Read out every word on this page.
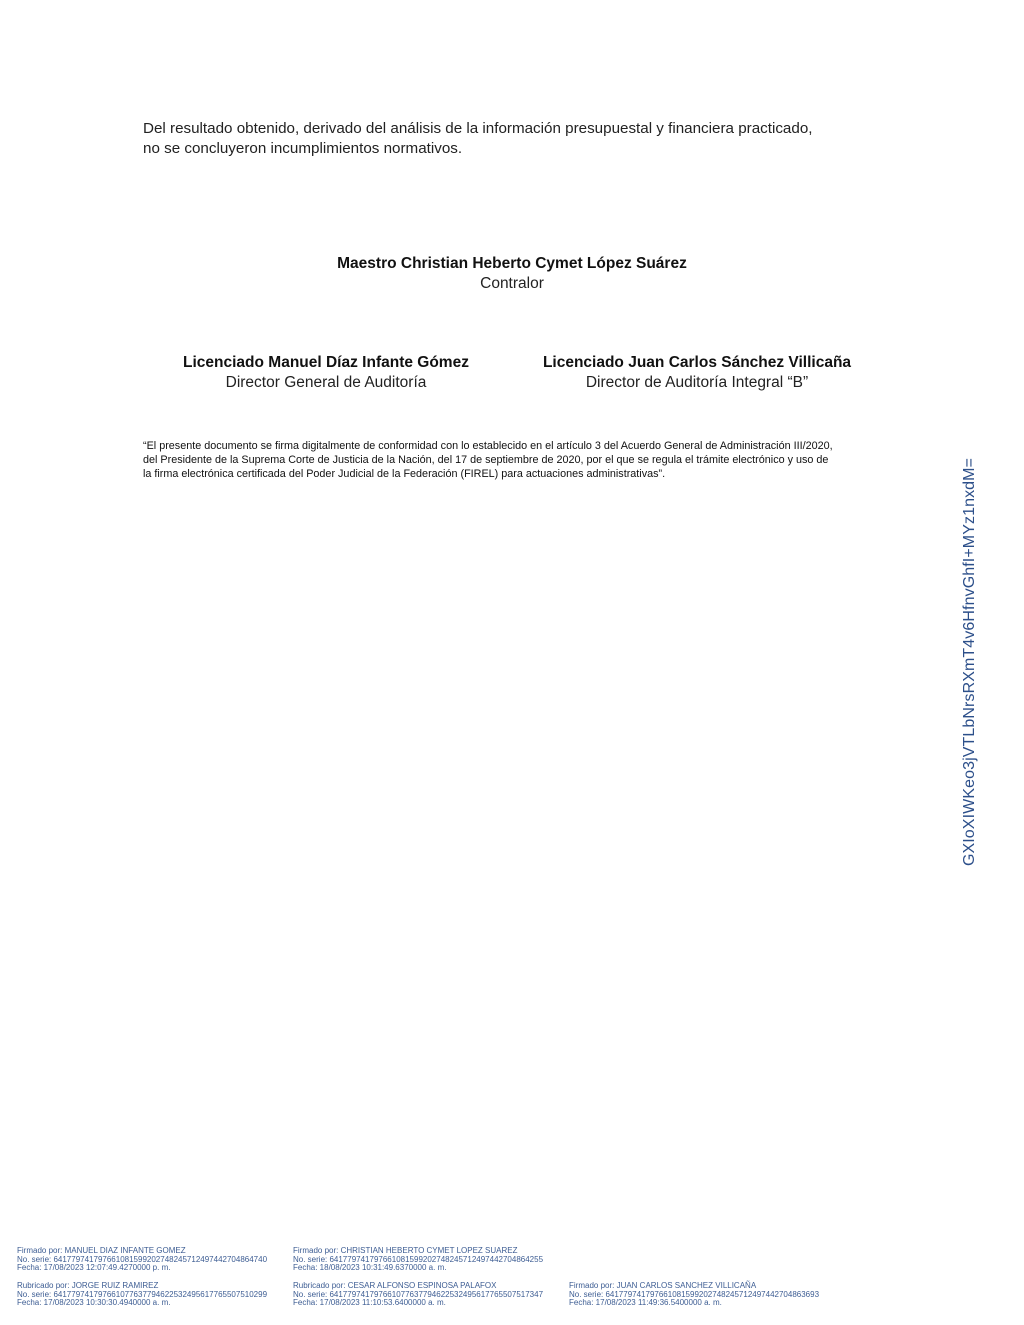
Del resultado obtenido, derivado del análisis de la información presupuestal y financiera practicado,

no se concluyeron incumplimientos normativos.

Maestro Christian Heberto Cymet López Suárez
Contralor
Licenciado Manuel Díaz Infante Gómez
Director General de Auditoría
Licenciado Juan Carlos Sánchez Villicaña
Director de Auditoría Integral “B”

“El presente documento se firma digitalmente de conformidad con lo establecido en el artículo 3 del Acuerdo General de Administración III/2020,

del Presidente de la Suprema Corte de Justicia de la Nación, del 17 de septiembre de 2020, por el que se regula el trámite electrónico y uso de

la firma electrónica certificada del Poder Judicial de la Federación (FIREL) para actuaciones administrativas”.	GXIoXIWKeo3jVTLbNrsRXmT4v6HfnvGhfI+MYz1nxdM=
Firmado por: MANUEL DIAZ INFANTE GOMEZ
No. serie: 64177974179766108159920274824571249744270486474​0
Fecha: 17/08/2023 12:07:49.4270000 p. m.
Firmado por: CHRISTIAN HEBERTO CYMET LOPEZ SUAREZ
No. serie: 641779741797661081599202748245712497442704864255
Fecha: 18/08/2023 10:31:49.6370000 a. m.
Rubricado por: JORGE RUIZ RAMIREZ
No. serie: 641779741797661077637794622532495617765507510299
Fecha: 17/08/2023 10:30:30.4940000 a. m.
Rubricado por: CESAR ALFONSO ESPINOSA PALAFOX
No. serie: 641779741797661077637794622532495617765507517347
Fecha: 17/08/2023 11:10:53.6400000 a. m.
Firmado por: JUAN CARLOS SANCHEZ VILLICAÑA
No. serie: 641779741797661081599202748245712497442704863693
Fecha: 17/08/2023 11:49:36.5400000 a. m.
